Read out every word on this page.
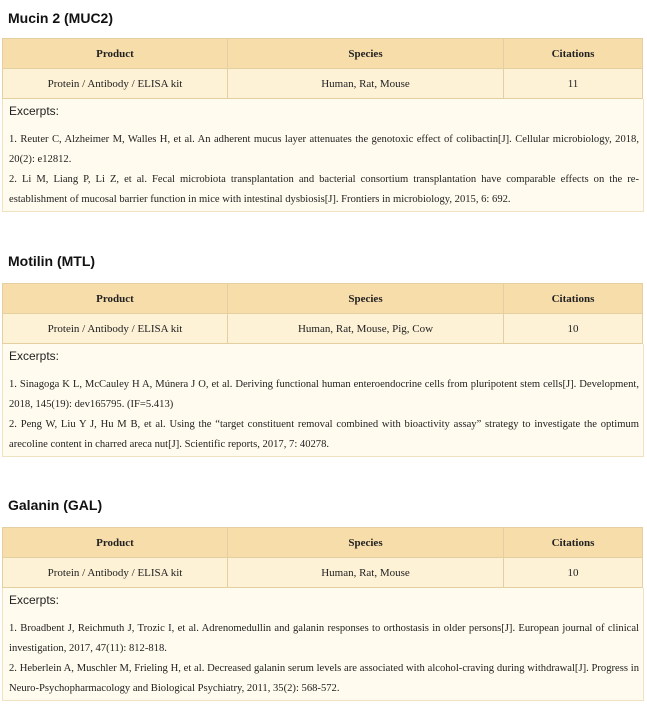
Mucin 2 (MUC2)
Product	Species	Citations
Protein / Antibody / ELISA kit	Human, Rat, Mouse	11
Excerpts:
1. Reuter C, Alzheimer M, Walles H, et al. An adherent mucus layer attenuates the genotoxic effect of colibactin[J]. Cellular microbiology, 2018, 20(2): e12812.
2. Li M, Liang P, Li Z, et al. Fecal microbiota transplantation and bacterial consortium transplantation have comparable effects on the re-establishment of mucosal barrier function in mice with intestinal dysbiosis[J]. Frontiers in microbiology, 2015, 6: 692.
Motilin (MTL)
Product	Species	Citations
Protein / Antibody / ELISA kit	Human, Rat, Mouse, Pig, Cow	10
Excerpts:
1. Sinagoga K L, McCauley H A, Múnera J O, et al. Deriving functional human enteroendocrine cells from pluripotent stem cells[J]. Development, 2018, 145(19): dev165795. (IF=5.413)
2. Peng W, Liu Y J, Hu M B, et al. Using the “target constituent removal combined with bioactivity assay” strategy to investigate the optimum arecoline content in charred areca nut[J]. Scientific reports, 2017, 7: 40278.
Galanin (GAL)
Product	Species	Citations
Protein / Antibody / ELISA kit	Human, Rat, Mouse	10
Excerpts:
1. Broadbent J, Reichmuth J, Trozic I, et al. Adrenomedullin and galanin responses to orthostasis in older persons[J]. European journal of clinical investigation, 2017, 47(11): 812-818.
2. Heberlein A, Muschler M, Frieling H, et al. Decreased galanin serum levels are associated with alcohol-craving during withdrawal[J]. Progress in Neuro-Psychopharmacology and Biological Psychiatry, 2011, 35(2): 568-572.
